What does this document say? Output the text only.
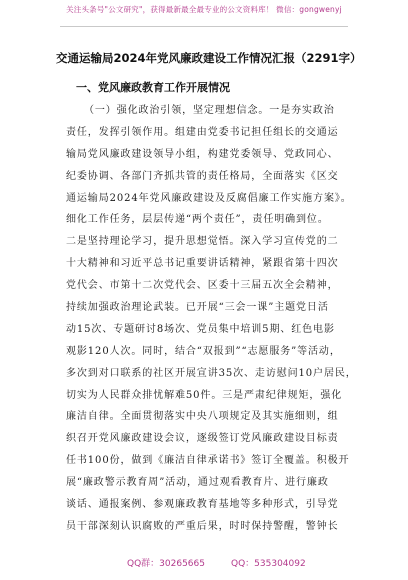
关注头条号"公文研究"，获得最新最全最专业的公文资料库！ 微信：gongwenyj
交通运输局2024年党风廉政建设工作情况汇报（2291字）
一、党风廉政教育工作开展情况
（一）强化政治引领，坚定理想信念。一是夯实政治
责任，发挥引领作用。组建由党委书记担任组长的交通运
输局党风廉政建设领导小组，构建党委领导、党政同心、
纪委协调、各部门齐抓共管的责任格局，全面落实《区交
通运输局2024年党风廉政建设及反腐倡廉工作实施方案》。
细化工作任务，层层传递“两个责任”，责任明确到位。
二是坚持理论学习，提升思想觉悟。深入学习宣传党的二
十大精神和习近平总书记重要讲话精神，紧跟省第十四次
党代会、市第十二次党代会、区委十三届五次全会精神，
持续加强政治理论武装。已开展“三会一课”主题党日活
动15次、专题研讨8场次、党员集中培训5期、红色电影
观影120人次。同时，结合“双报到”“志愿服务”等活动，
多次到对口联系的社区开展宣讲35次、走访慰问10户居民，
切实为人民群众排忧解难50件。三是严肃纪律规矩，强化
廉洁自律。全面贯彻落实中央八项规定及其实施细则，组
织召开党风廉政建设会议，逐级签订党风廉政建设目标责
任书100份，做到《廉洁自律承诺书》签订全覆盖。积极开
展“廉政警示教育周”活动，通过观看教育片、进行廉政
谈话、通报案例、参观廉政教育基地等多种形式，引导党
员干部深刻认识腐败的严重后果，时时保持警醒，警钟长
QQ群：30265665	QQ：535304092
